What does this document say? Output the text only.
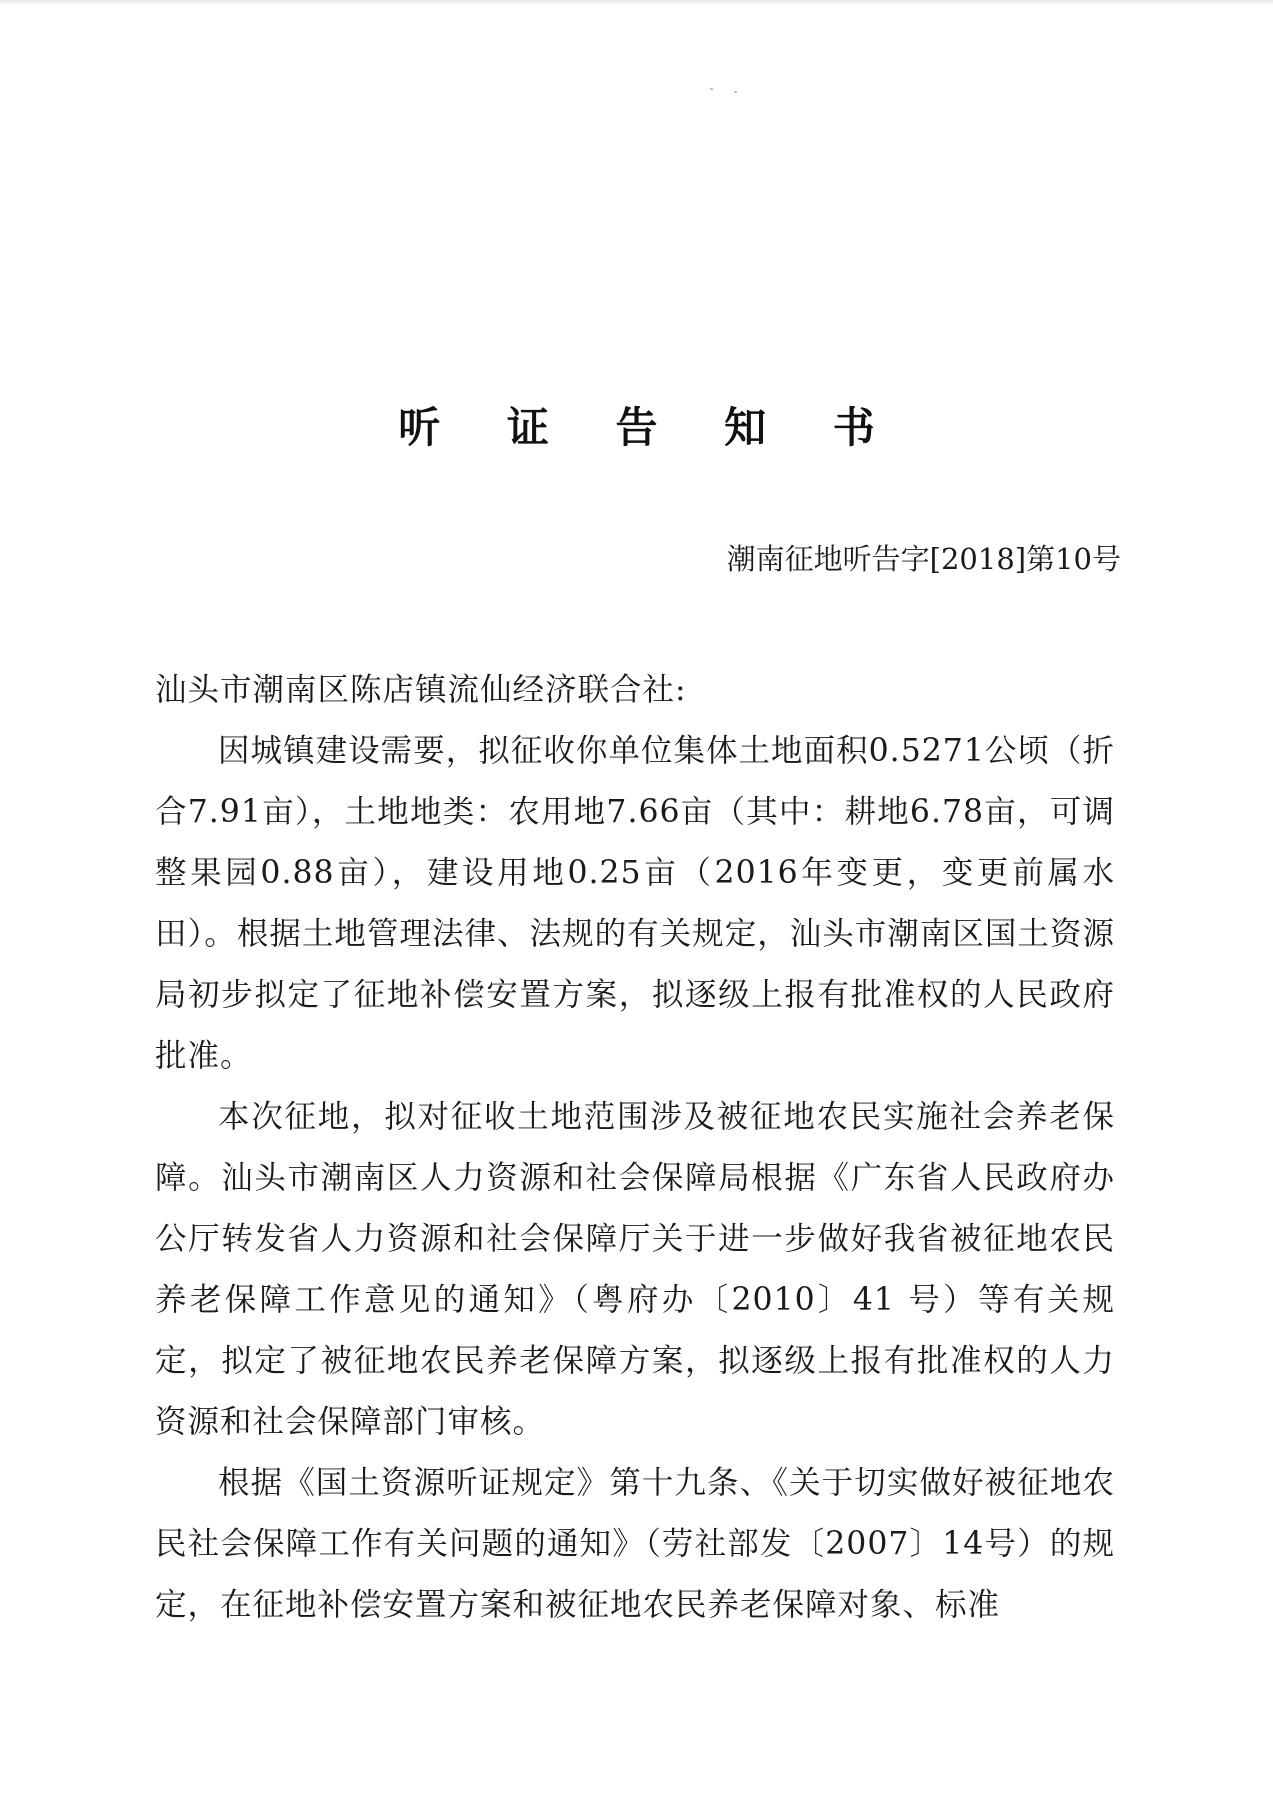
听 证 告 知 书
潮南征地听告字[2018]第10号

汕头市潮南区陈店镇流仙经济联合社:

因城镇建设需要，拟征收你单位集体土地面积0.5271公顷（折合7.91亩），土地地类：农用地7.66亩（其中：耕地6.78亩，可调整果园0.88亩），建设用地0.25亩（2016年变更，变更前属水田）。根据土地管理法律、法规的有关规定，汕头市潮南区国土资源局初步拟定了征地补偿安置方案，拟逐级上报有批准权的人民政府批准。

本次征地，拟对征收土地范围涉及被征地农民实施社会养老保障。汕头市潮南区人力资源和社会保障局根据《广东省人民政府办公厅转发省人力资源和社会保障厅关于进一步做好我省被征地农民养老保障工作意见的通知》（粤府办〔2010〕41 号）等有关规定，拟定了被征地农民养老保障方案，拟逐级上报有批准权的人力资源和社会保障部门审核。

根据《国土资源听证规定》第十九条、《关于切实做好被征地农民社会保障工作有关问题的通知》（劳社部发〔2007〕14号）的规定，在征地补偿安置方案和被征地农民养老保障对象、标准
